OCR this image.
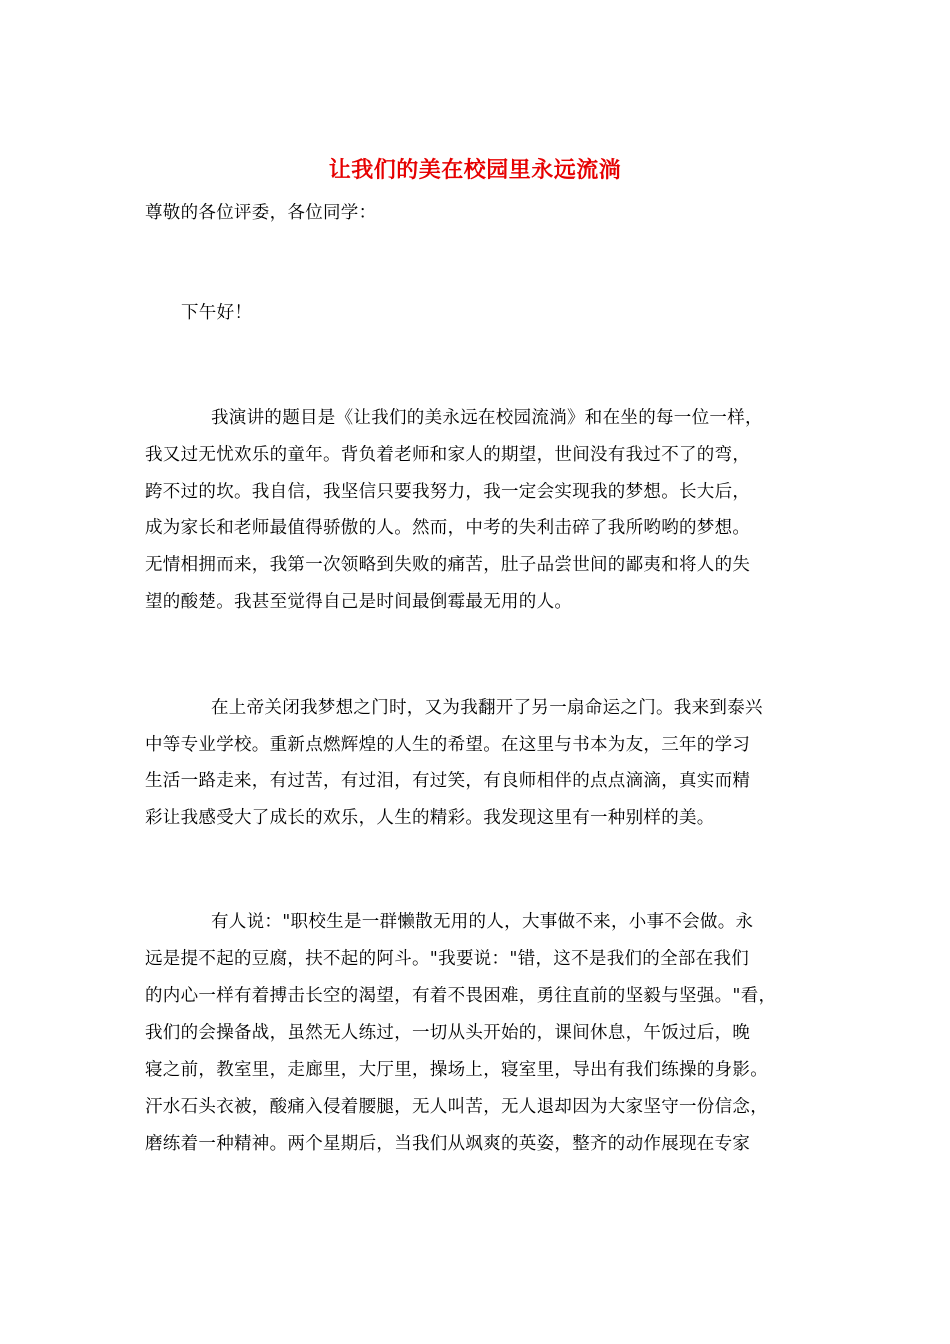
让我们的美在校园里永远流淌
尊敬的各位评委，各位同学：
下午好！
我演讲的题目是《让我们的美永远在校园流淌》和在坐的每一位一样，
我又过无忧欢乐的童年。背负着老师和家人的期望，世间没有我过不了的弯，
跨不过的坎。我自信，我坚信只要我努力，我一定会实现我的梦想。长大后，
成为家长和老师最值得骄傲的人。然而，中考的失利击碎了我所哟哟的梦想。
无情相拥而来，我第一次领略到失败的痛苦，肚子品尝世间的鄙夷和将人的失
望的酸楚。我甚至觉得自己是时间最倒霉最无用的人。
在上帝关闭我梦想之门时，又为我翻开了另一扇命运之门。我来到泰兴
中等专业学校。重新点燃辉煌的人生的希望。在这里与书本为友，三年的学习
生活一路走来，有过苦，有过泪，有过笑，有良师相伴的点点滴滴，真实而精
彩让我感受大了成长的欢乐，人生的精彩。我发现这里有一种别样的美。
有人说："职校生是一群懒散无用的人，大事做不来，小事不会做。永
远是提不起的豆腐，扶不起的阿斗。"我要说："错，这不是我们的全部在我们
的内心一样有着搏击长空的渴望，有着不畏困难，勇往直前的坚毅与坚强。"看，
我们的会操备战，虽然无人练过，一切从头开始的，课间休息，午饭过后，晚
寝之前，教室里，走廊里，大厅里，操场上，寝室里，导出有我们练操的身影。
汗水石头衣被，酸痛入侵着腰腿，无人叫苦，无人退却因为大家坚守一份信念，
磨练着一种精神。两个星期后，当我们从飒爽的英姿，整齐的动作展现在专家
